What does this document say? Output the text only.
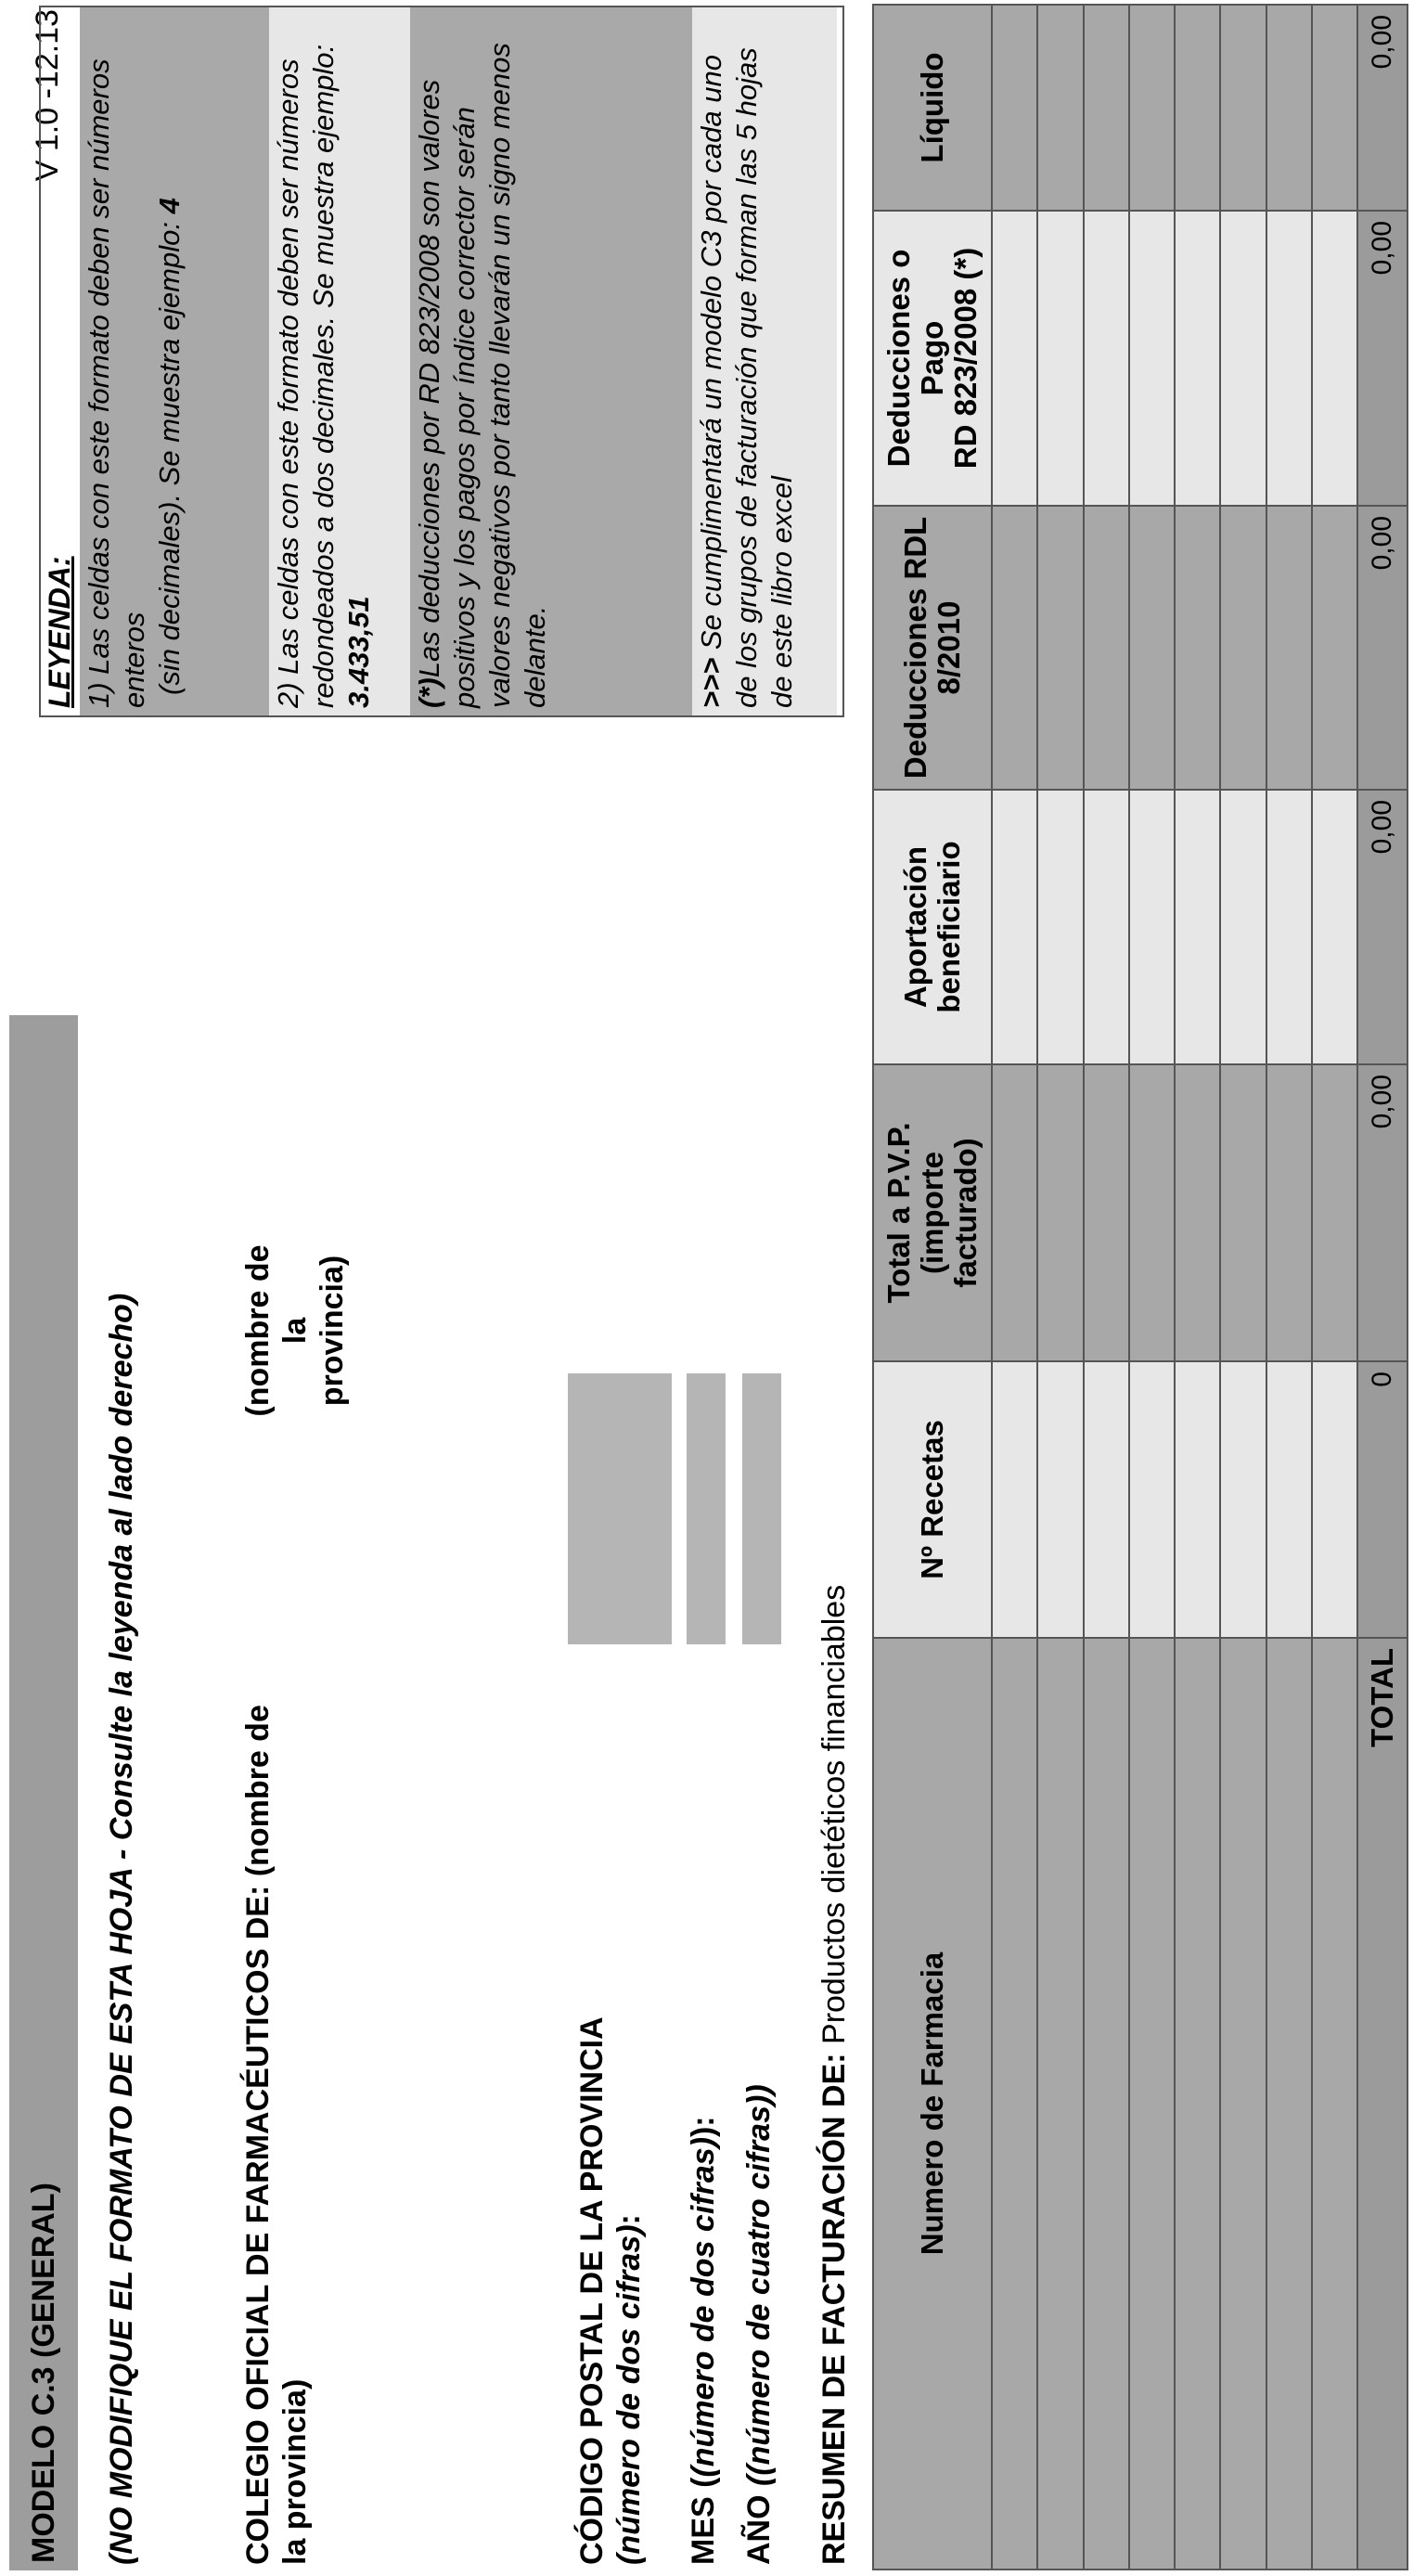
MODELO C.3 (GENERAL)
V 1.0 -12.13
(NO MODIFIQUE EL FORMATO DE ESTA HOJA - Consulte la leyenda al lado derecho)	COLEGIO OFICIAL DE FARMACÉUTICOS DE: (nombre de la provincia)
(nombre de la provincia)
CÓDIGO POSTAL DE LA PROVINCIA (número de dos cifras):
MES ((número de dos cifras)):
AÑO ((número de cuatro cifras))
LEYENDA: 1) Las celdas con este formato deben ser números enteros (sin decimales). Se muestra ejemplo: 4	2) Las celdas con este formato deben ser números redondeados a dos decimales. Se muestra ejemplo: 3.433,51	(*)Las deducciones por RD 823/2008 son valores positivos y los pagos por índice corrector serán valores negativos por tanto llevarán un signo menos delante.	>>> Se cumplimentará un modelo C3 por cada uno de los grupos de facturación que forman las 5 hojas de este libro excel
RESUMEN DE FACTURACIÓN DE: Productos dietéticos financiables
Numero de Farmacia	Nº Recetas	Total a P.V.P. (importe facturado)	Aportación beneficiario	Deducciones RDL 8/2010	Deducciones o Pago RD 823/2008 (*)	Líquido

TOTAL	0	0,00	0,00	0,00	0,00	0,00
